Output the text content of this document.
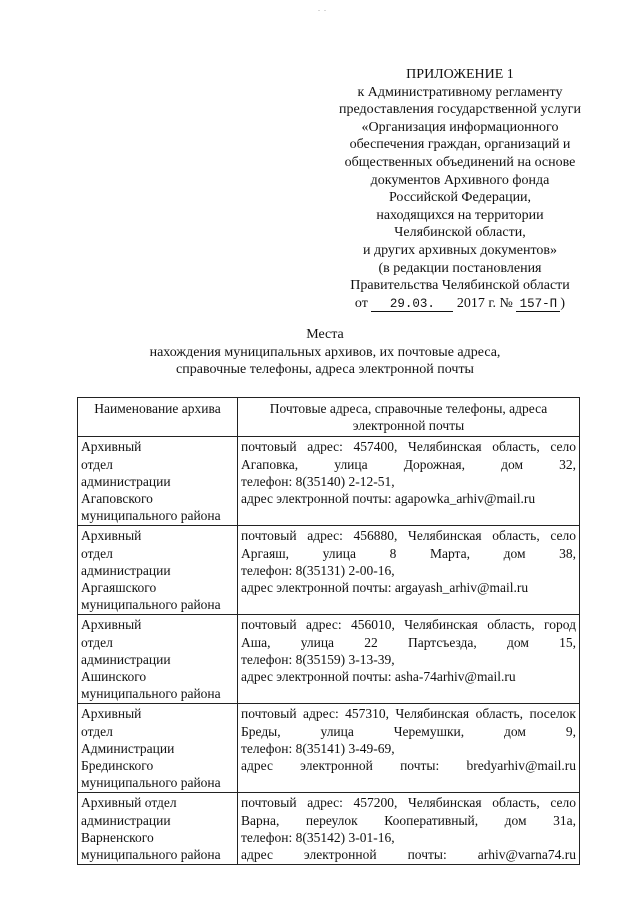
. .
ПРИЛОЖЕНИЕ 1
к Административному регламенту
предоставления государственной услуги
«Организация информационного
обеспечения граждан, организаций и
общественных объединений на основе
документов Архивного фонда
Российской Федерации,
находящихся на территории
Челябинской области,
и других архивных документов»
(в редакции постановления
Правительства Челябинской области
от 29.03. 2017 г. № 157-П )
Места
нахождения муниципальных архивов, их почтовые адреса,
справочные телефоны, адреса электронной почты
Наименование архива	Почтовые адреса, справочные телефоны, адреса электронной почты

Архивный
отдел
администрации
Агаповского
муниципального района	почтовый адрес: 457400, Челябинская область, село Агаповка, улица Дорожная, дом 32,
телефон: 8(35140) 2-12-51,
адрес электронной почты: agapowka_arhiv@mail.ru

Архивный
отдел
администрации
Аргаяшского
муниципального района	почтовый адрес: 456880, Челябинская область, село Аргаяш, улица 8 Марта, дом 38,
телефон: 8(35131) 2-00-16,
адрес электронной почты: argayash_arhiv@mail.ru

Архивный
отдел
администрации
Ашинского
муниципального района	почтовый адрес: 456010, Челябинская область, город Аша, улица 22 Партсъезда, дом 15,
телефон: 8(35159) 3-13-39,
адрес электронной почты: asha-74arhiv@mail.ru

Архивный
отдел
Администрации
Брединского
муниципального района	почтовый адрес: 457310, Челябинская область, поселок Бреды, улица Черемушки, дом 9,
телефон: 8(35141) 3-49-69,
адрес электронной почты: bredyarhiv@mail.ru

Архивный отдел
администрации
Варненского
муниципального района	почтовый адрес: 457200, Челябинская область, село Варна, переулок Кооперативный, дом 31а,
телефон: 8(35142) 3-01-16,
адрес электронной почты: arhiv@varna74.ru
